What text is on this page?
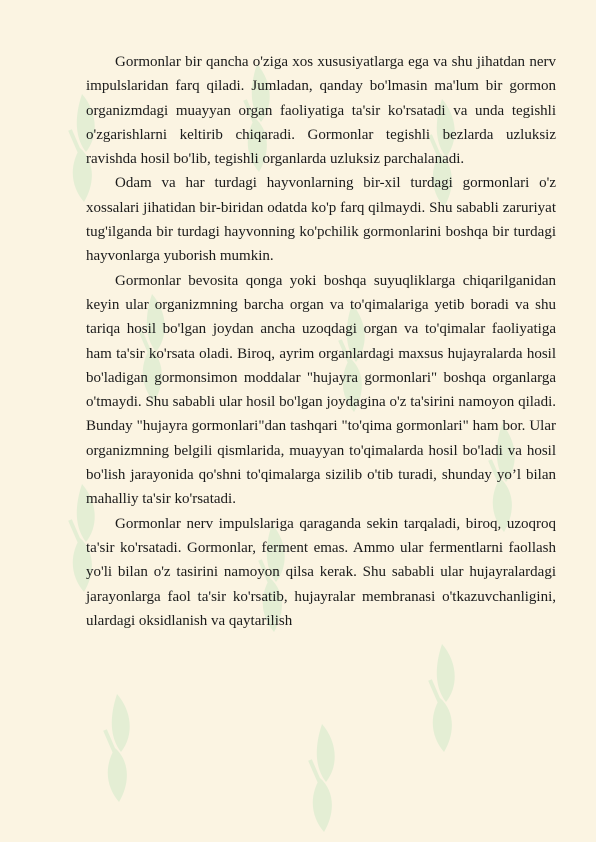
Gormonlar bir qancha o'ziga xos xususiyatlarga ega va shu jihatdan nerv impulslaridan farq qiladi. Jumladan, qanday bo'lmasin ma'lum bir gormon organizmdagi muayyan organ faoliyatiga ta'sir ko'rsatadi va unda tegishli o'zgarishlarni keltirib chiqaradi. Gormonlar tegishli bezlarda uzluksiz ravishda hosil bo'lib, tegishli organlarda uzluksiz parchalanadi.

Odam va har turdagi hayvonlarning bir-xil turdagi gormonlari o'z xossalari jihatidan bir-biridan odatda ko'p farq qilmaydi. Shu sababli zaruriyat tug'ilganda bir turdagi hayvonning ko'pchilik gormonlarini boshqa bir turdagi hayvonlarga yuborish mumkin.

Gormonlar bevosita qonga yoki boshqa suyuqliklarga chiqarilganidan keyin ular organizmning barcha organ va to'qimalariga yetib boradi va shu tariqa hosil bo'lgan joydan ancha uzoqdagi organ va to'qimalar faoliyatiga ham ta'sir ko'rsata oladi. Biroq, ayrim organlardagi maxsus hujayralarda hosil bo'ladigan gormonsimon moddalar "hujayra gormonlari" boshqa organlarga o'tmaydi. Shu sababli ular hosil bo'lgan joydagina o'z ta'sirini namoyon qiladi. Bunday "hujayra gormonlari"dan tashqari "to'qima gormonlari" ham bor. Ular organizmning belgili qismlarida, muayyan to'qimalarda hosil bo'ladi va hosil bo'lish jarayonida qo'shni to'qimalarga sizilib o'tib turadi, shunday yo’l bilan mahalliy ta'sir ko'rsatadi.

Gormonlar nerv impulslariga qaraganda sekin tarqaladi, biroq, uzoqroq ta'sir ko'rsatadi. Gormonlar, ferment emas. Ammo ular fermentlarni faollash yo'li bilan o'z tasirini namoyon qilsa kerak. Shu sababli ular hujayralardagi jarayonlarga faol ta'sir ko'rsatib, hujayralar membranasi o'tkazuvchanligini, ulardagi oksidlanish va qaytarilish
